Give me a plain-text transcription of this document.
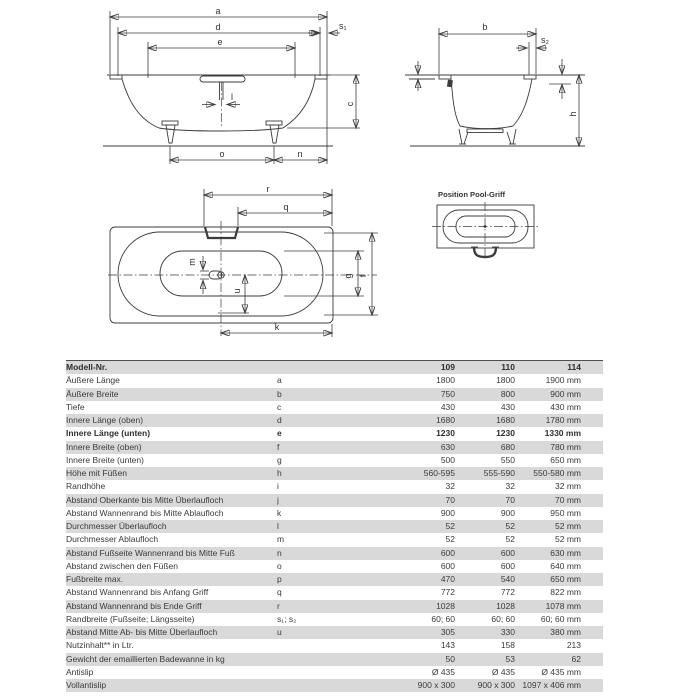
a
d
e
s₁
l
o	n
c
b
s₂
h
r
q
m
u
g f
k
Position Pool-Griff
Modell-Nr.		109	110	114	
Äußere Länge	a	1800	1800	1900 mm	
Äußere Breite	b	750	800	900 mm	
Tiefe	c	430	430	430 mm	
Innere Länge (oben)	d	1680	1680	1780 mm	
Innere Länge (unten)	e	1230	1230	1330 mm	
Innere Breite (oben)	f	630	680	780 mm	
Innere Breite (unten)	g	500	550	650 mm	
Höhe mit Füßen	h	560-595	555-590	550-580 mm	
Randhöhe	i	32	32	32 mm	
Abstand Oberkante bis Mitte Überlaufloch	j	70	70	70 mm	
Abstand Wannenrand bis Mitte Ablaufloch	k	900	900	950 mm	
Durchmesser Überlaufloch	l	52	52	52 mm	
Durchmesser Ablaufloch	m	52	52	52 mm	
Abstand Fußseite Wannenrand bis Mitte Fuß	n	600	600	630 mm	
Abstand zwischen den Füßen	o	600	600	640 mm	
Fußbreite max.	p	470	540	650 mm	
Abstand Wannenrand bis Anfang Griff	q	772	772	822 mm	
Abstand Wannenrand bis Ende Griff	r	1028	1028	1078 mm	
Randbreite (Fußseite; Längsseite)	s₁; s₂	60; 60	60; 60	60; 60 mm	
Abstand Mitte Ab- bis Mitte Überlaufloch	u	305	330	380 mm	
Nutzinhalt** in Ltr.		143	158	213	
Gewicht der emaillierten Badewanne in kg		50	53	62	
Antislip		Ø 435	Ø 435	Ø 435 mm	
Vollantislip		900 x 300	900 x 300	1097 x 406 mm	
